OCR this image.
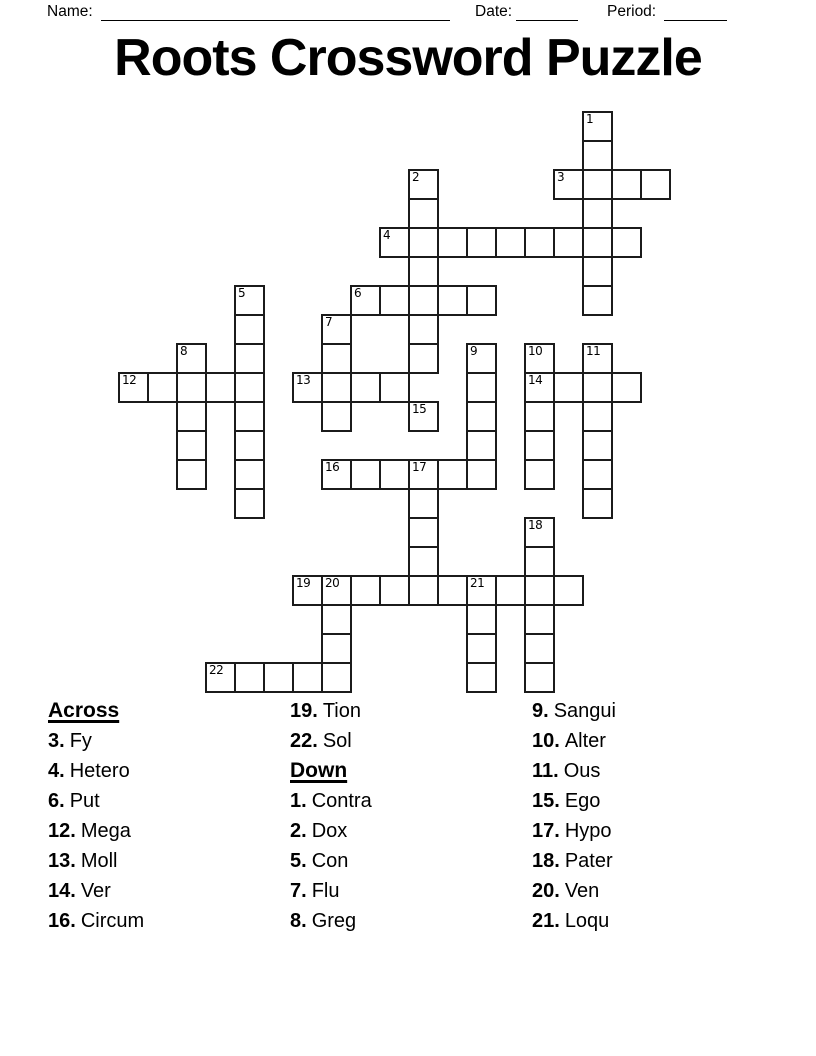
Name:	Date:	Period:
Roots Crossword Puzzle
1
2	3
4
5	6
7
8	9	10
14
11
12	13
15
16	17
18
19 20	21
22
Across
3. Fy
4. Hetero
6. Put
12. Mega
13. Moll
14. Ver
16. Circum
19. Tion
22. Sol
Down
1. Contra
2. Dox
5. Con
7. Flu
8. Greg
9. Sangui
10. Alter
11. Ous
15. Ego
17. Hypo
18. Pater
20. Ven
21. Loqu
